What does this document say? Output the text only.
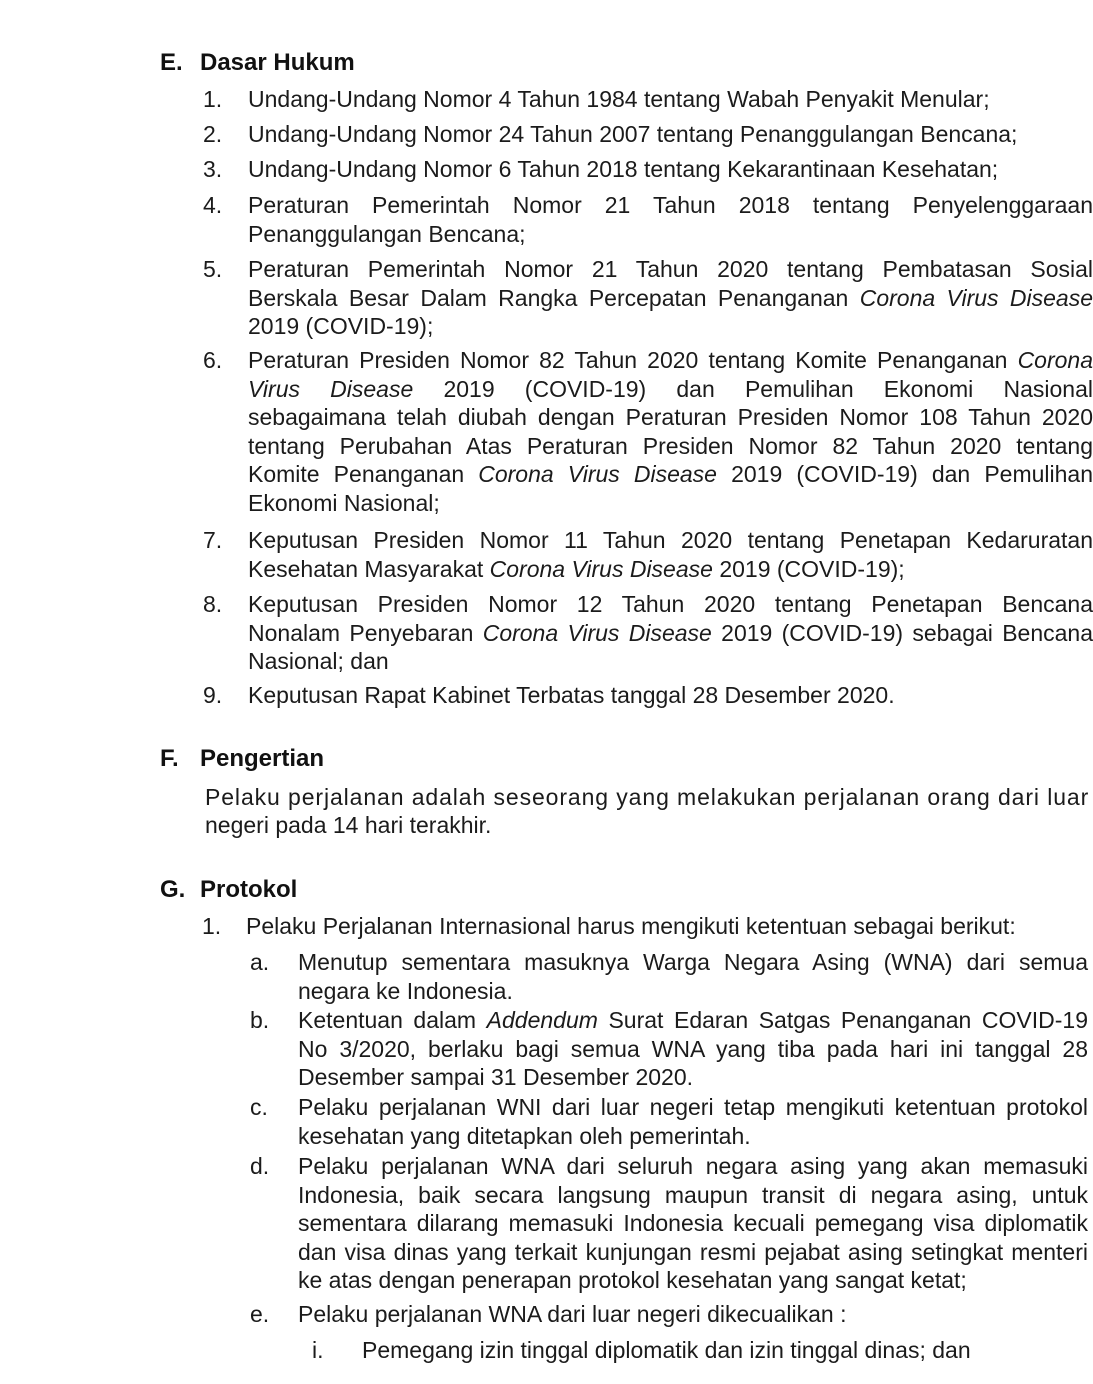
E. Dasar Hukum
1. Undang-Undang Nomor 4 Tahun 1984 tentang Wabah Penyakit Menular;
2. Undang-Undang Nomor 24 Tahun 2007 tentang Penanggulangan Bencana;
3. Undang-Undang Nomor 6 Tahun 2018 tentang Kekarantinaan Kesehatan;
4. Peraturan Pemerintah Nomor 21 Tahun 2018 tentang Penyelenggaraan
Penanggulangan Bencana;
5. Peraturan Pemerintah Nomor 21 Tahun 2020 tentang Pembatasan Sosial
Berskala Besar Dalam Rangka Percepatan Penanganan Corona Virus Disease
2019 (COVID-19);
6. Peraturan Presiden Nomor 82 Tahun 2020 tentang Komite Penanganan Corona
Virus Disease 2019 (COVID-19) dan Pemulihan Ekonomi Nasional
sebagaimana telah diubah dengan Peraturan Presiden Nomor 108 Tahun 2020
tentang Perubahan Atas Peraturan Presiden Nomor 82 Tahun 2020 tentang
Komite Penanganan Corona Virus Disease 2019 (COVID-19) dan Pemulihan
Ekonomi Nasional;
7. Keputusan Presiden Nomor 11 Tahun 2020 tentang Penetapan Kedaruratan
Kesehatan Masyarakat Corona Virus Disease 2019 (COVID-19);
8. Keputusan Presiden Nomor 12 Tahun 2020 tentang Penetapan Bencana
Nonalam Penyebaran Corona Virus Disease 2019 (COVID-19) sebagai Bencana
Nasional; dan
9. Keputusan Rapat Kabinet Terbatas tanggal 28 Desember 2020.
F. Pengertian
Pelaku perjalanan adalah seseorang yang melakukan perjalanan orang dari luar
negeri pada 14 hari terakhir.
G. Protokol
1. Pelaku Perjalanan Internasional harus mengikuti ketentuan sebagai berikut:
a. Menutup sementara masuknya Warga Negara Asing (WNA) dari semua
negara ke Indonesia.
b. Ketentuan dalam Addendum Surat Edaran Satgas Penanganan COVID-19
No 3/2020, berlaku bagi semua WNA yang tiba pada hari ini tanggal 28
Desember sampai 31 Desember 2020.
c. Pelaku perjalanan WNI dari luar negeri tetap mengikuti ketentuan protokol
kesehatan yang ditetapkan oleh pemerintah.
d. Pelaku perjalanan WNA dari seluruh negara asing yang akan memasuki
Indonesia, baik secara langsung maupun transit di negara asing, untuk
sementara dilarang memasuki Indonesia kecuali pemegang visa diplomatik
dan visa dinas yang terkait kunjungan resmi pejabat asing setingkat menteri
ke atas dengan penerapan protokol kesehatan yang sangat ketat;
e. Pelaku perjalanan WNA dari luar negeri dikecualikan :
i. Pemegang izin tinggal diplomatik dan izin tinggal dinas; dan
